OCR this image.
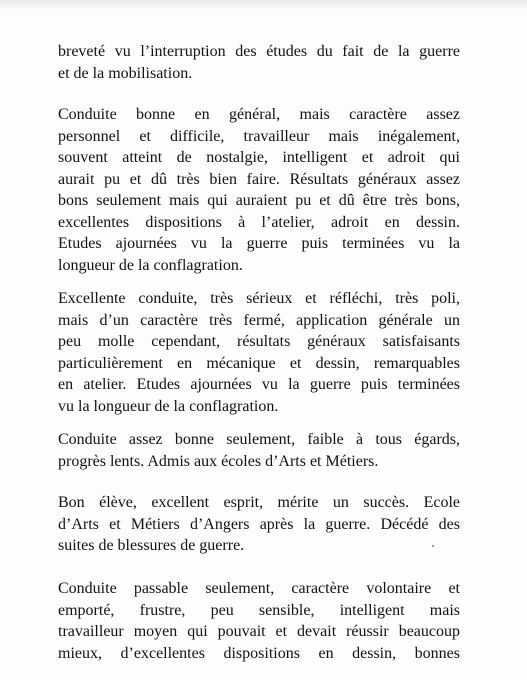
breveté vu l’interruption des études du fait de la guerre
et de la mobilisation.
Conduite bonne en général, mais caractère assez
personnel et difficile, travailleur mais inégalement,
souvent atteint de nostalgie, intelligent et adroit qui
aurait pu et dû très bien faire. Résultats généraux assez
bons seulement mais qui auraient pu et dû être très bons,
excellentes dispositions à l’atelier, adroit en dessin.
Etudes ajournées vu la guerre puis terminées vu la
longueur de la conflagration.
Excellente conduite, très sérieux et réfléchi, très poli,
mais d’un caractère très fermé, application générale un
peu molle cependant, résultats généraux satisfaisants
particulièrement en mécanique et dessin, remarquables
en atelier. Etudes ajournées vu la guerre puis terminées
vu la longueur de la conflagration.
Conduite assez bonne seulement, faible à tous égards,
progrès lents. Admis aux écoles d’Arts et Métiers.
Bon élève, excellent esprit, mérite un succès. Ecole
d’Arts et Métiers d’Angers après la guerre. Décédé des
suites de blessures de guerre.
Conduite passable seulement, caractère volontaire et
emporté, frustre, peu sensible, intelligent mais
travailleur moyen qui pouvait et devait réussir beaucoup
mieux, d’excellentes dispositions en dessin, bonnes
